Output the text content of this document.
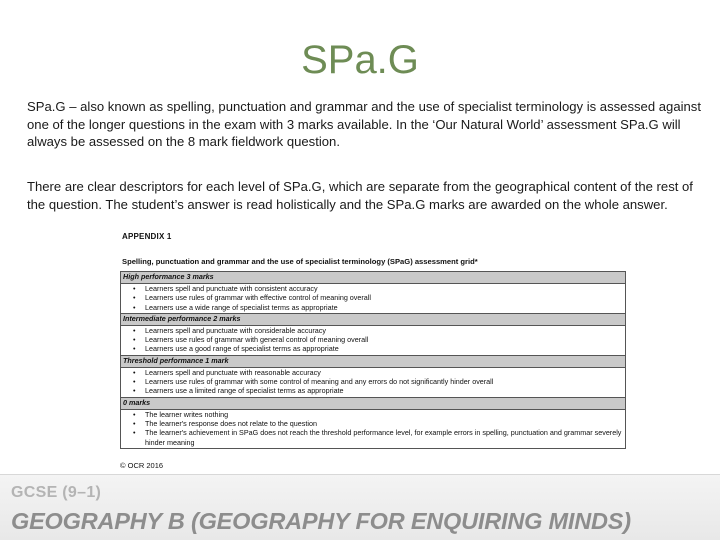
SPa.G
SPa.G – also known as spelling, punctuation and grammar and the use of specialist terminology is assessed against one of the longer questions in the exam with 3 marks available. In the ‘Our Natural World’ assessment SPa.G will always be assessed on the 8 mark fieldwork question.
There are clear descriptors for each level of SPa.G, which are separate from the geographical content of the rest of the question. The student’s answer is read holistically and the SPa.G marks are awarded on the whole answer.
APPENDIX 1
Spelling, punctuation and grammar and the use of specialist terminology (SPaG) assessment grid*
High performance 3 marks

• Learners spell and punctuate with consistent accuracy
• Learners use rules of grammar with effective control of meaning overall
• Learners use a wide range of specialist terms as appropriate

Intermediate performance 2 marks

• Learners spell and punctuate with considerable accuracy
• Learners use rules of grammar with general control of meaning overall
• Learners use a good range of specialist terms as appropriate

Threshold performance 1 mark

• Learners spell and punctuate with reasonable accuracy
• Learners use rules of grammar with some control of meaning and any errors do not significantly hinder overall
• Learners use a limited range of specialist terms as appropriate

0 marks

• The learner writes nothing
• The learner's response does not relate to the question
• The learner's achievement in SPaG does not reach the threshold performance level, for example errors in spelling, punctuation and grammar severely hinder meaning
© OCR 2016
GCSE (9–1)
GEOGRAPHY B (GEOGRAPHY FOR ENQUIRING MINDS)
